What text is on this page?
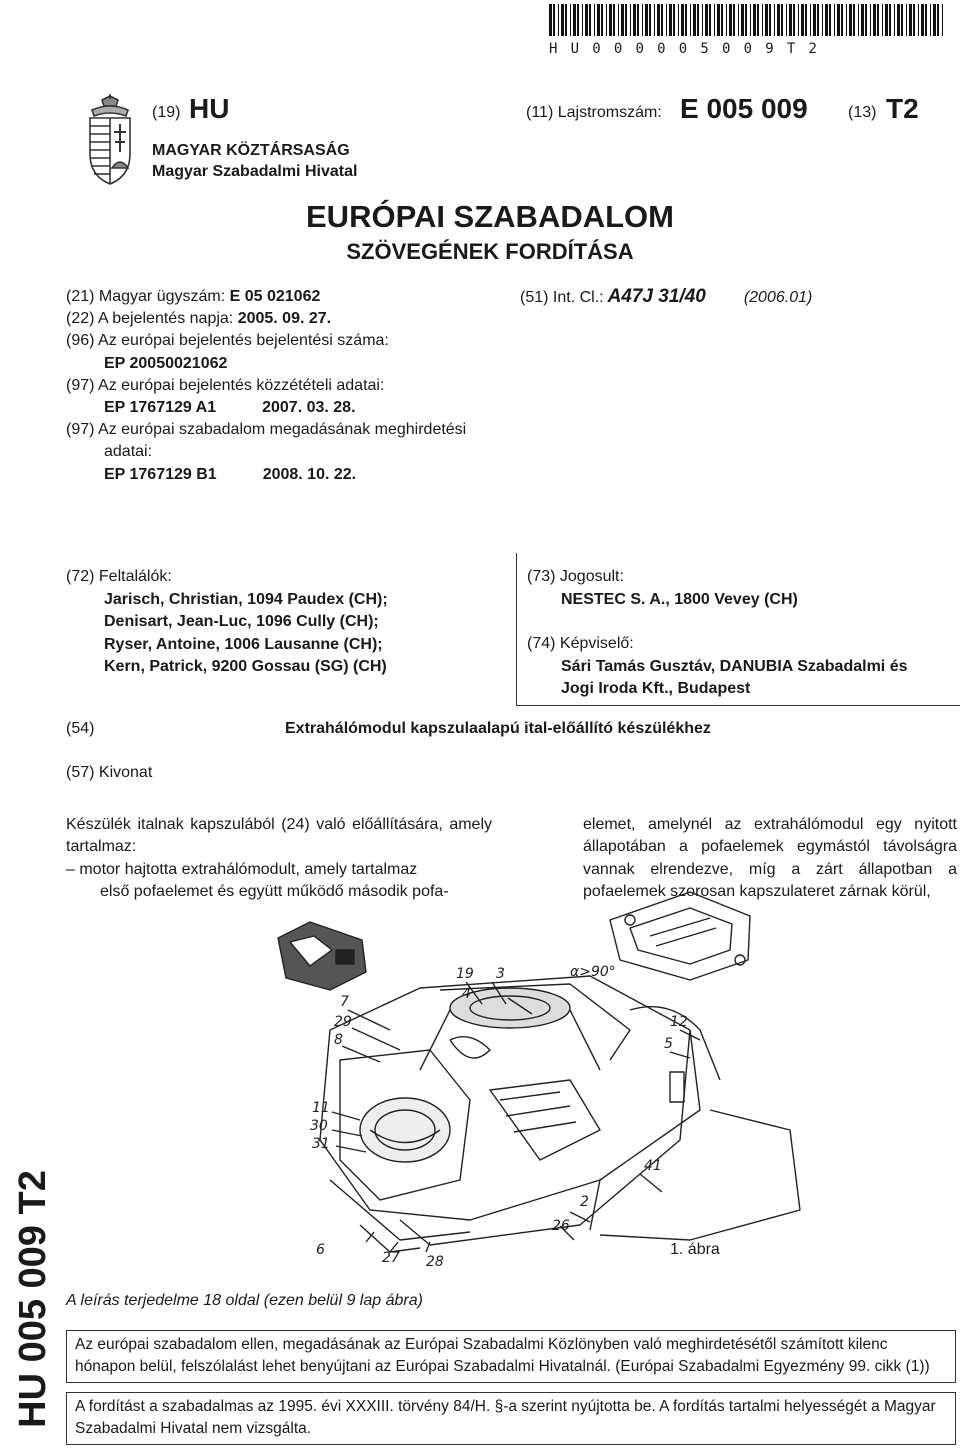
HU000005009T2
(19) HU
MAGYAR KÖZTÁRSASÁG
Magyar Szabadalmi Hivatal
(11) Lajstromszám: E 005 009	(13) T2
EURÓPAI SZABADALOM
SZÖVEGÉNEK FORDÍTÁSA
(21) Magyar ügyszám: E 05 021062
(22) A bejelentés napja: 2005. 09. 27.
(96) Az európai bejelentés bejelentési száma:
EP 20050021062
(97) Az európai bejelentés közzétételi adatai:
EP 1767129 A1	2007. 03. 28.
(97) Az európai szabadalom megadásának meghirdetési
adatai:
EP 1767129 B1	2008. 10. 22.
(51) Int. Cl.: A47J 31/40 (2006.01)
(72) Feltalálók:
Jarisch, Christian, 1094 Paudex (CH);
Denisart, Jean-Luc, 1096 Cully (CH);
Ryser, Antoine, 1006 Lausanne (CH);
Kern, Patrick, 9200 Gossau (SG) (CH)
(73) Jogosult:
NESTEC S. A., 1800 Vevey (CH)
(74) Képviselő:
Sári Tamás Gusztáv, DANUBIA Szabadalmi és
Jogi Iroda Kft., Budapest
(54)	Extrahálómodul kapszulaalapú ital-előállító készülékhez
(57) Kivonat
Készülék italnak kapszulából (24) való előállítására, amely tartalmaz:
– motor hajtotta extrahálómodult, amely tartalmaz
első pofaelemet és együtt működő második pofa-
elemet, amelynél az extrahálómodul egy nyitott állapotában a pofaelemek egymástól távolságra vannak elrendezve, míg a zárt állapotban a pofaelemek szorosan kapszulateret zárnak körül,
19
4
3
7
29
8
12
5
11
30
31
41
2
26
6	27 28
α>90°
1. ábra
A leírás terjedelme 18 oldal (ezen belül 9 lap ábra)
HU 005 009 T2	Az európai szabadalom ellen, megadásának az Európai Szabadalmi Közlönyben való meghirdetésétől számított kilenc hónapon belül, felszólalást lehet benyújtani az Európai Szabadalmi Hivatalnál. (Európai Szabadalmi Egyezmény 99. cikk (1))
A fordítást a szabadalmas az 1995. évi XXXIII. törvény 84/H. §-a szerint nyújtotta be. A fordítás tartalmi helyességét a Magyar Szabadalmi Hivatal nem vizsgálta.
